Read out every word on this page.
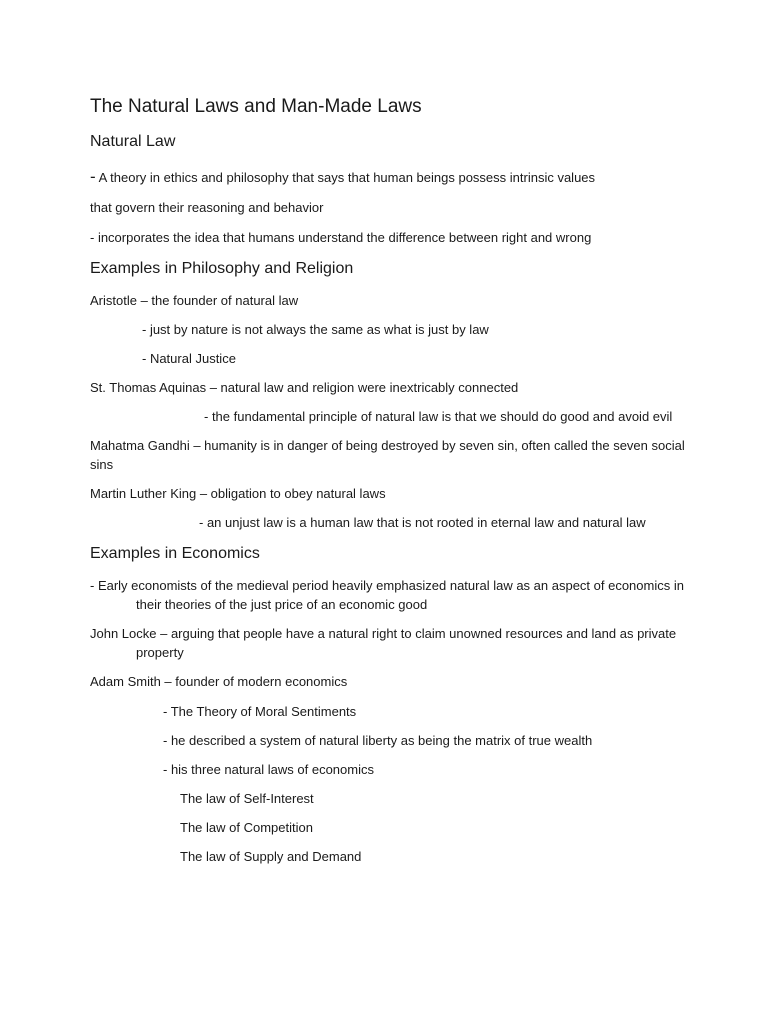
The Natural Laws and Man-Made Laws
Natural Law
- A theory in ethics and philosophy that says that human beings possess intrinsic values
that govern their reasoning and behavior
- incorporates the idea that humans understand the difference between right and wrong
Examples in Philosophy and Religion
Aristotle – the founder of natural law
- just by nature is not always the same as what is just by law
- Natural Justice
St. Thomas Aquinas – natural law and religion were inextricably connected
- the fundamental principle of natural law is that we should do good and avoid evil
Mahatma Gandhi – humanity is in danger of being destroyed by seven sin, often called the seven social
sins
Martin Luther King – obligation to obey natural laws
- an unjust law is a human law that is not rooted in eternal law and natural law
Examples in Economics
- Early economists of the medieval period heavily emphasized natural law as an aspect of economics in
their theories of the just price of an economic good
John Locke – arguing that people have a natural right to claim unowned resources and land as private
property
Adam Smith – founder of modern economics
- The Theory of Moral Sentiments
- he described a system of natural liberty as being the matrix of true wealth
- his three natural laws of economics
The law of Self-Interest
The law of Competition
The law of Supply and Demand
